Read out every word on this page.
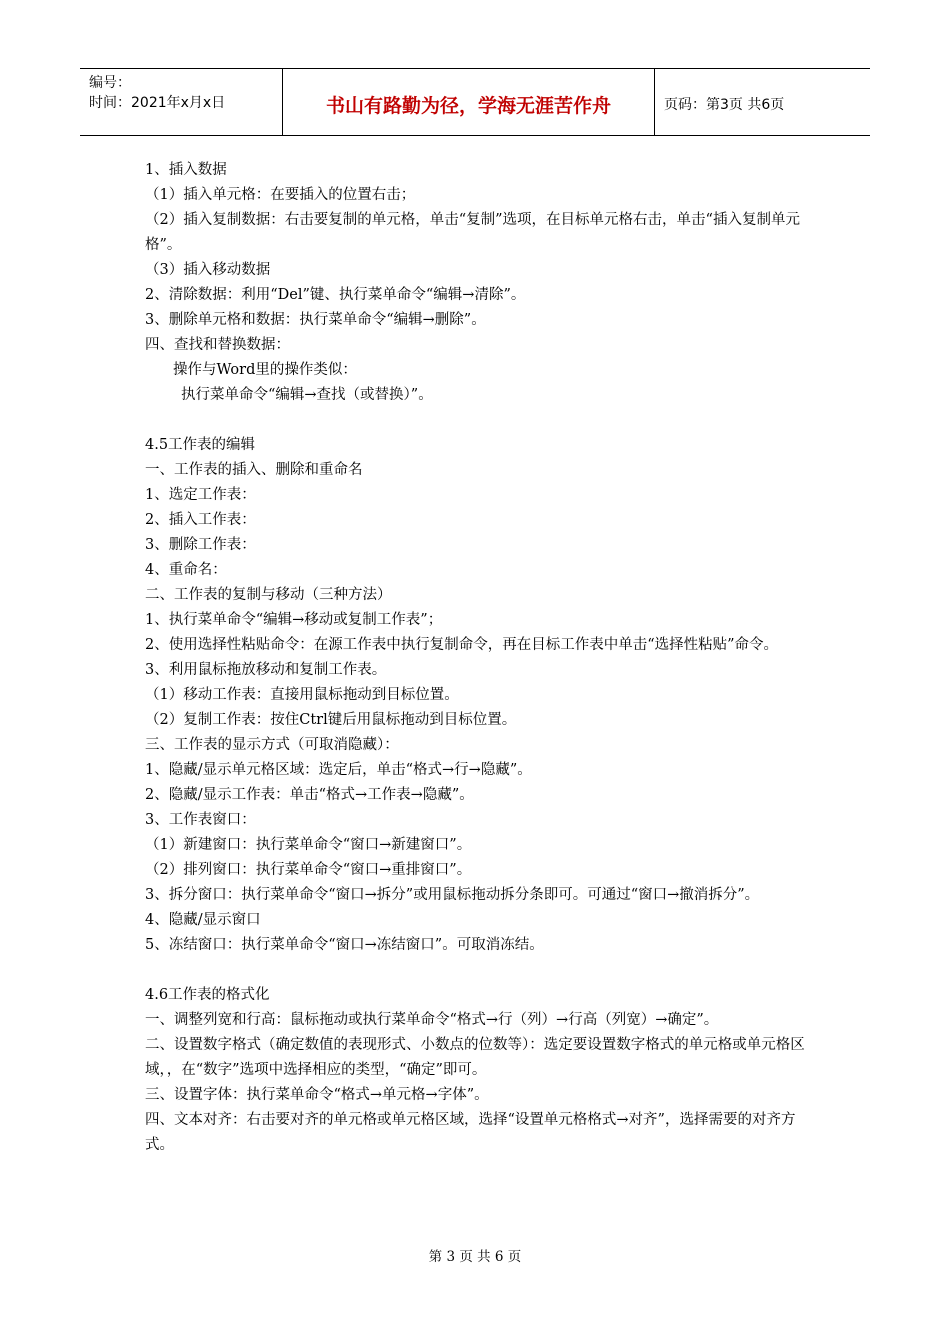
编号：
时间：2021年x月x日	书山有路勤为径，学海无涯苦作舟	页码：第3页 共6页

1、插入数据

（1）插入单元格：在要插入的位置右击；

（2）插入复制数据：右击要复制的单元格，单击“复制”选项，在目标单元格右击，单击“插入复制单元格”。

（3）插入移动数据

2、清除数据：利用“Del”键、执行菜单命令“编辑→清除”。

3、删除单元格和数据：执行菜单命令“编辑→删除”。

四、查找和替换数据：

操作与Word里的操作类似：

执行菜单命令“编辑→查找（或替换）”。

4.5工作表的编辑

一、工作表的插入、删除和重命名

1、选定工作表：

2、插入工作表：

3、删除工作表：

4、重命名：

二、工作表的复制与移动（三种方法）

1、执行菜单命令“编辑→移动或复制工作表”；

2、使用选择性粘贴命令：在源工作表中执行复制命令，再在目标工作表中单击“选择性粘贴”命令。

3、利用鼠标拖放移动和复制工作表。

（1）移动工作表：直接用鼠标拖动到目标位置。

（2）复制工作表：按住Ctrl键后用鼠标拖动到目标位置。

三、工作表的显示方式（可取消隐藏）：

1、隐藏/显示单元格区域：选定后，单击“格式→行→隐藏”。

2、隐藏/显示工作表：单击“格式→工作表→隐藏”。

3、工作表窗口：

（1）新建窗口：执行菜单命令“窗口→新建窗口”。

（2）排列窗口：执行菜单命令“窗口→重排窗口”。

3、拆分窗口：执行菜单命令“窗口→拆分”或用鼠标拖动拆分条即可。可通过“窗口→撤消拆分”。

4、隐藏/显示窗口

5、冻结窗口：执行菜单命令“窗口→冻结窗口”。可取消冻结。

4.6工作表的格式化

一、调整列宽和行高：鼠标拖动或执行菜单命令“格式→行（列）→行高（列宽）→确定”。

二、设置数字格式（确定数值的表现形式、小数点的位数等）：选定要设置数字格式的单元格或单元格区域，，在“数字”选项中选择相应的类型，“确定”即可。

三、设置字体：执行菜单命令“格式→单元格→字体”。

四、文本对齐：右击要对齐的单元格或单元格区域，选择“设置单元格格式→对齐”，选择需要的对齐方式。

第 3 页 共 6 页
